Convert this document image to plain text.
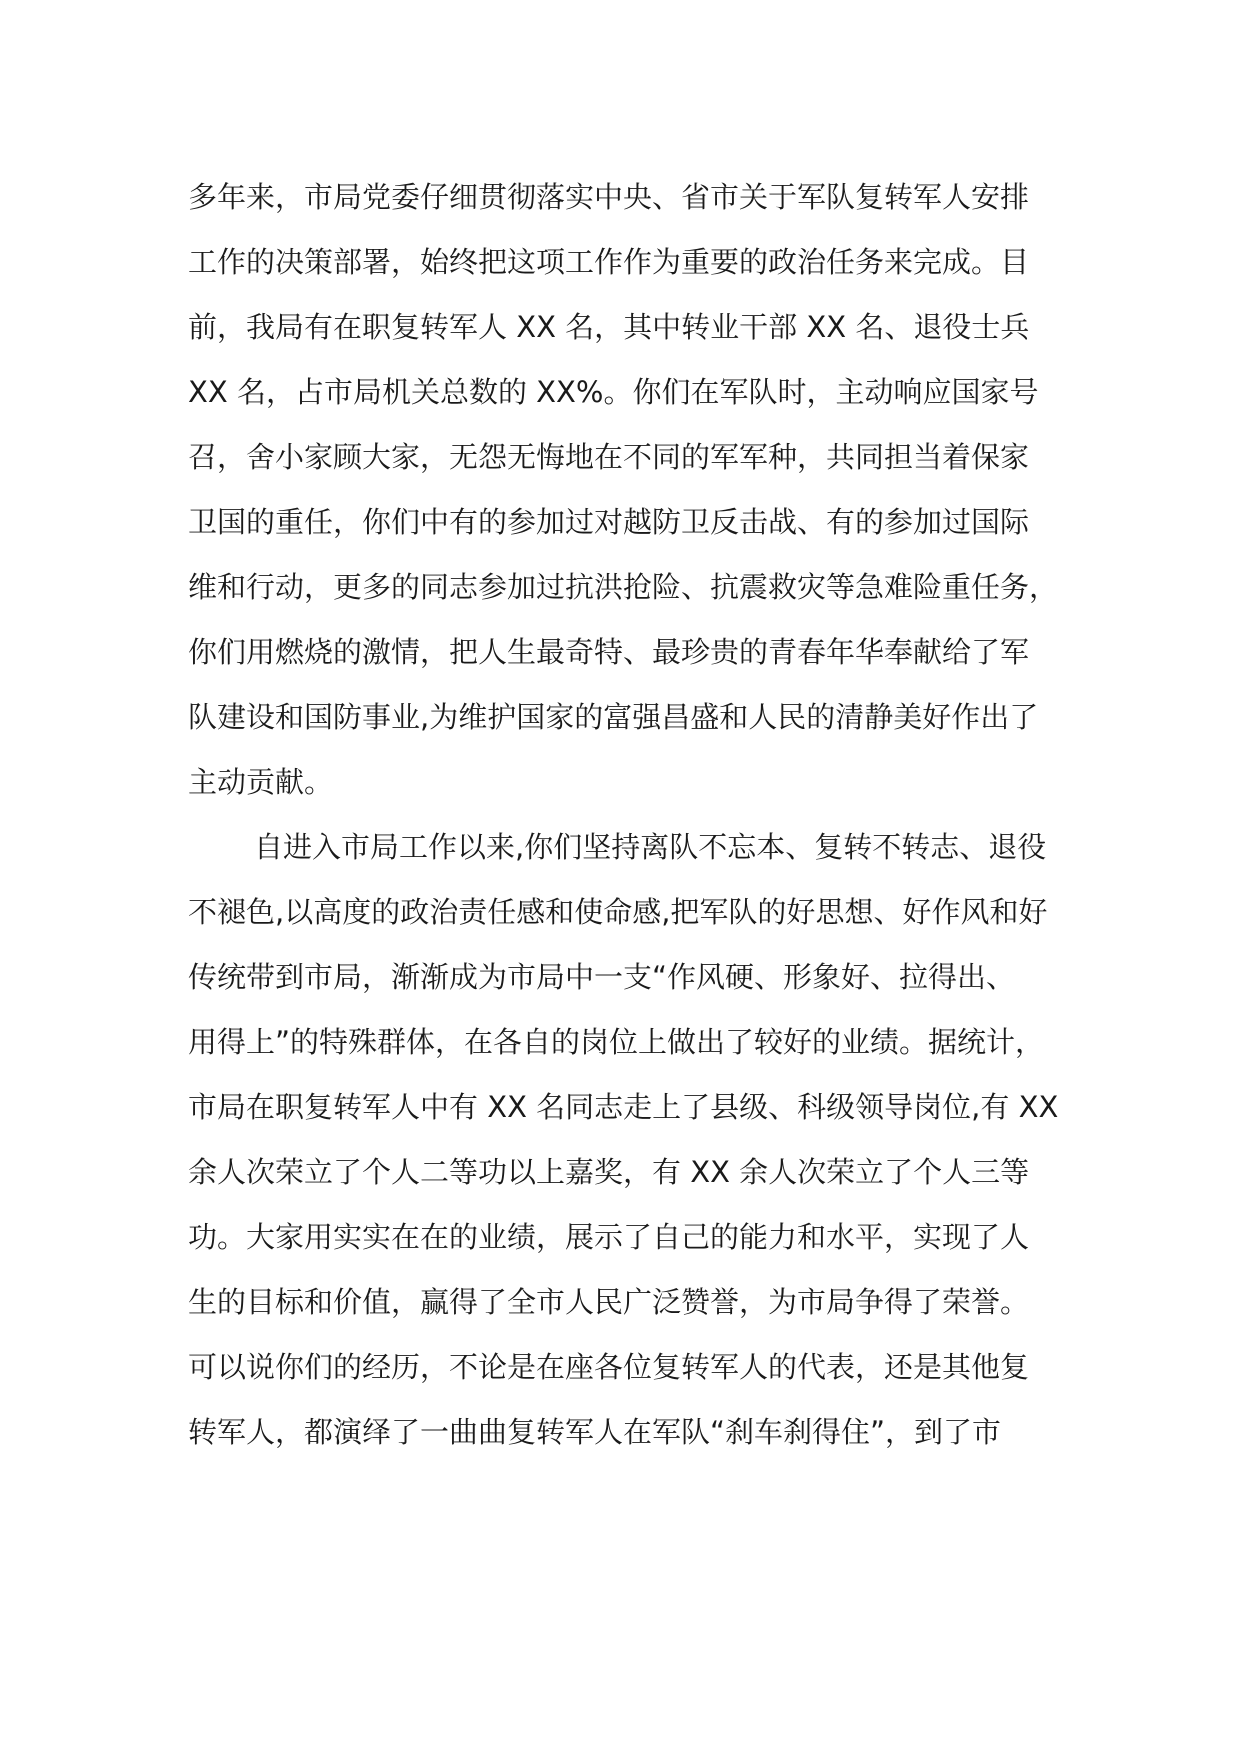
多年来，市局党委仔细贯彻落实中央、省市关于军队复转军人安排
工作的决策部署，始终把这项工作作为重要的政治任务来完成。目
前，我局有在职复转军人 XX 名，其中转业干部 XX 名、退役士兵
XX 名，占市局机关总数的 XX%。你们在军队时，主动响应国家号
召，舍小家顾大家，无怨无悔地在不同的军军种，共同担当着保家
卫国的重任，你们中有的参加过对越防卫反击战、有的参加过国际
维和行动，更多的同志参加过抗洪抢险、抗震救灾等急难险重任务，
你们用燃烧的激情，把人生最奇特、最珍贵的青春年华奉献给了军
队建设和国防事业,为维护国家的富强昌盛和人民的清静美好作出了
主动贡献。
自进入市局工作以来,你们坚持离队不忘本、复转不转志、退役
不褪色,以高度的政治责任感和使命感,把军队的好思想、好作风和好
传统带到市局，渐渐成为市局中一支“作风硬、形象好、拉得出、
用得上”的特殊群体，在各自的岗位上做出了较好的业绩。据统计，
市局在职复转军人中有 XX 名同志走上了县级、科级领导岗位,有 XX
余人次荣立了个人二等功以上嘉奖，有 XX 余人次荣立了个人三等
功。大家用实实在在的业绩，展示了自己的能力和水平，实现了人
生的目标和价值，赢得了全市人民广泛赞誉，为市局争得了荣誉。
可以说你们的经历，不论是在座各位复转军人的代表，还是其他复
转军人，都演绎了一曲曲复转军人在军队“刹车刹得住”，到了市
